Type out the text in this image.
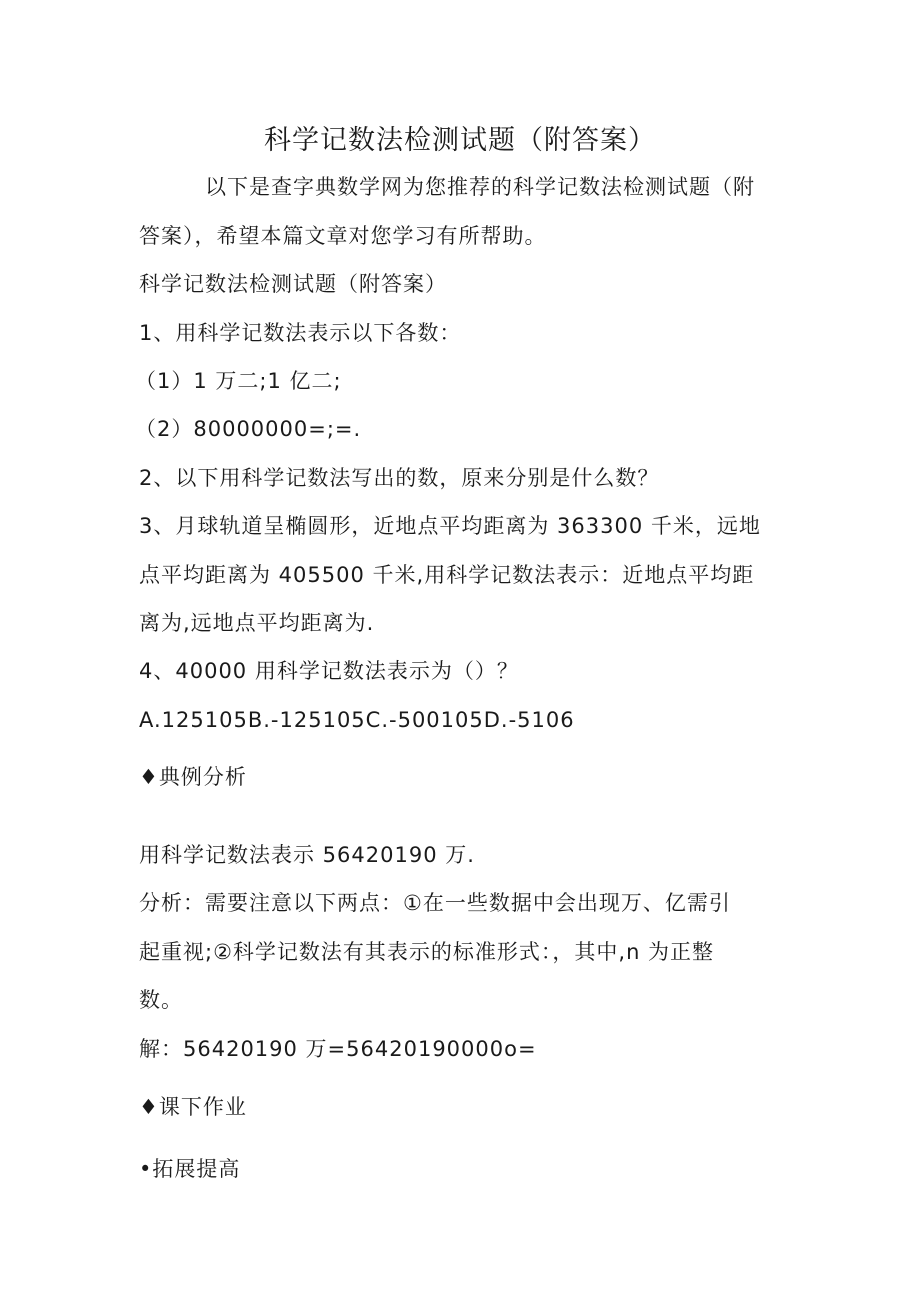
科学记数法检测试题（附答案）
以下是查字典数学网为您推荐的科学记数法检测试题（附
答案），希望本篇文章对您学习有所帮助。
科学记数法检测试题（附答案）
1、用科学记数法表示以下各数：
（1）1 万二;1 亿二;
（2）80000000=;=.
2、以下用科学记数法写出的数，原来分别是什么数？
3、月球轨道呈椭圆形，近地点平均距离为 363300 千米，远地
点平均距离为 405500 千米,用科学记数法表示：近地点平均距
离为,远地点平均距离为.
4、40000 用科学记数法表示为（）？
A.125105B.-125105C.-500105D.-5106
♦典例分析
用科学记数法表示 56420190 万.
分析：需要注意以下两点：①在一些数据中会出现万、亿需引
起重视;②科学记数法有其表示的标准形式：，其中,n 为正整
数。
解：56420190 万=56420190000o=
♦课下作业
•拓展提高
